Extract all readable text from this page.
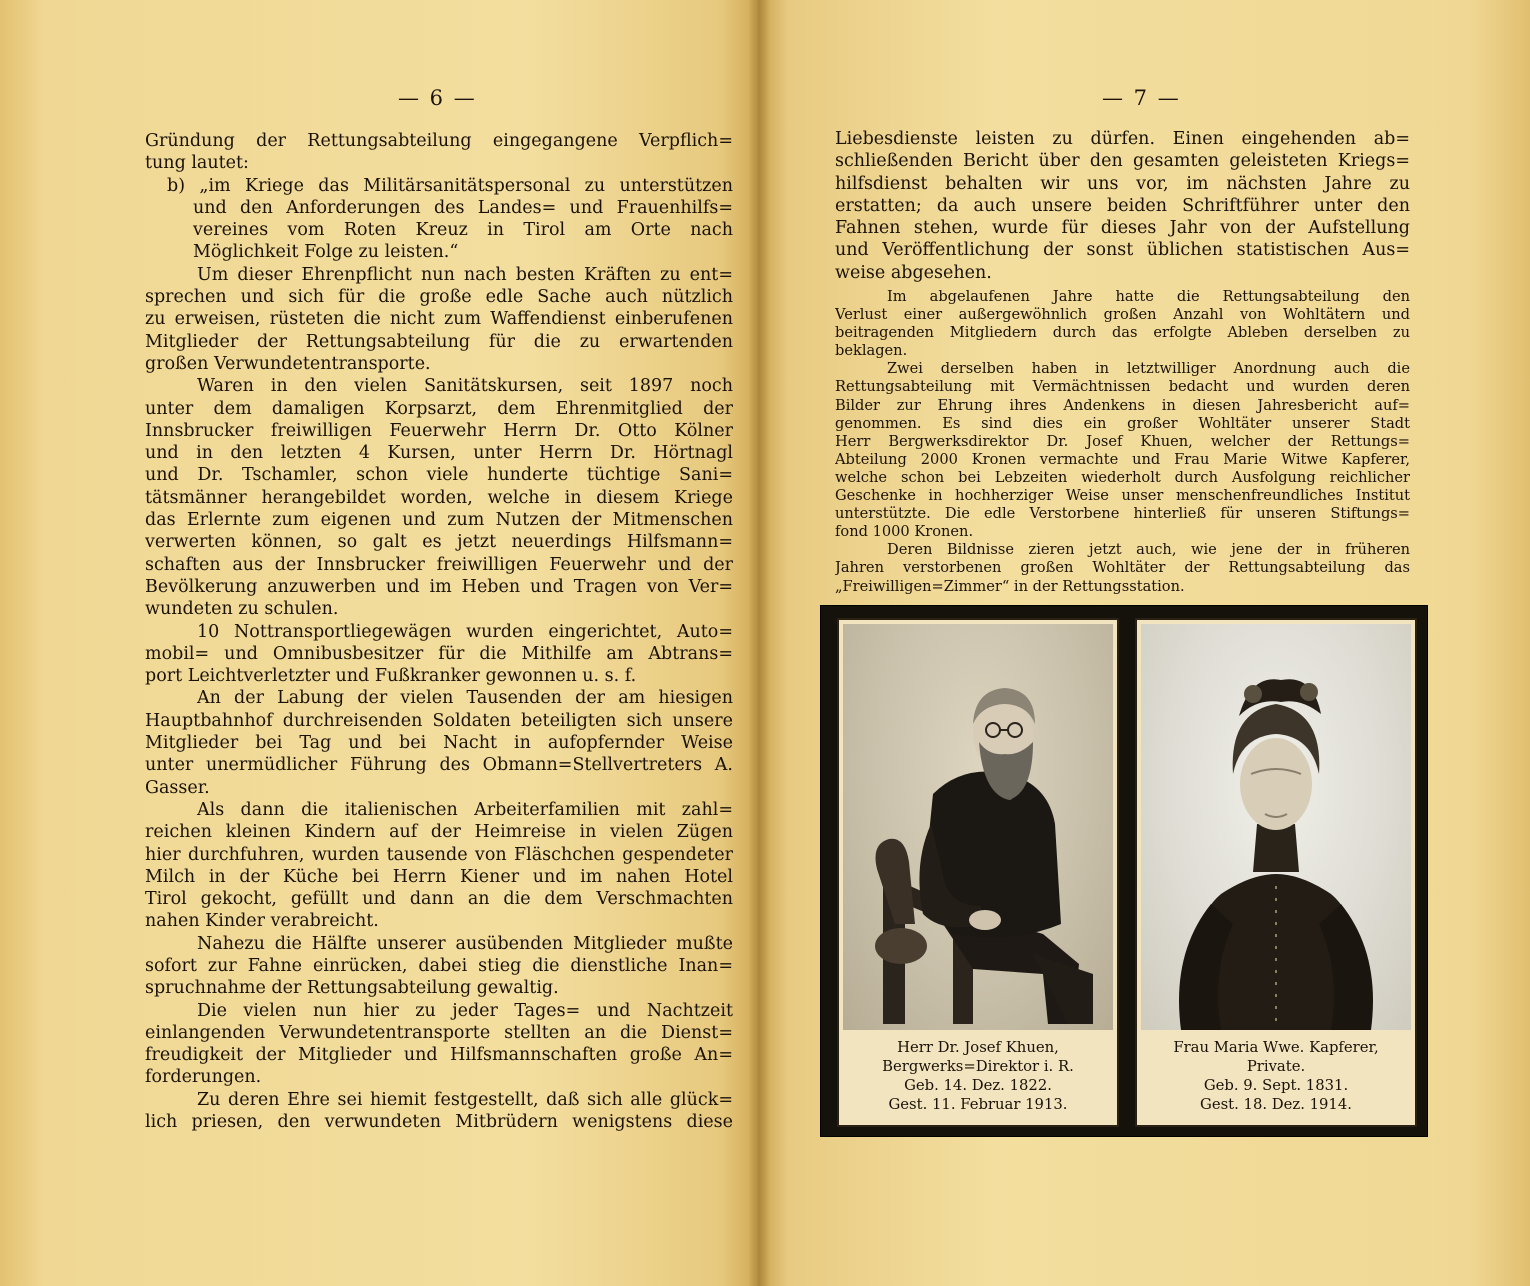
— 6 —	— 7 —
Gründung der Rettungsabteilung eingegangene Verpflich=
tung lautet:
b) „im Kriege das Militärsanitätspersonal zu unterstützen
und den Anforderungen des Landes= und Frauenhilfs=
vereines vom Roten Kreuz in Tirol am Orte nach
Möglichkeit Folge zu leisten.“
Um dieser Ehrenpflicht nun nach besten Kräften zu ent=
sprechen und sich für die große edle Sache auch nützlich
zu erweisen, rüsteten die nicht zum Waffendienst einberufenen
Mitglieder der Rettungsabteilung für die zu erwartenden
großen Verwundetentransporte.
Waren in den vielen Sanitätskursen, seit 1897 noch
unter dem damaligen Korpsarzt, dem Ehrenmitglied der
Innsbrucker freiwilligen Feuerwehr Herrn Dr. Otto Kölner
und in den letzten 4 Kursen, unter Herrn Dr. Hörtnagl
und Dr. Tschamler, schon viele hunderte tüchtige Sani=
tätsmänner herangebildet worden, welche in diesem Kriege
das Erlernte zum eigenen und zum Nutzen der Mitmenschen
verwerten können, so galt es jetzt neuerdings Hilfsmann=
schaften aus der Innsbrucker freiwilligen Feuerwehr und der
Bevölkerung anzuwerben und im Heben und Tragen von Ver=
wundeten zu schulen.
10 Nottransportliegewägen wurden eingerichtet, Auto=
mobil= und Omnibusbesitzer für die Mithilfe am Abtrans=
port Leichtverletzter und Fußkranker gewonnen u. s. f.
An der Labung der vielen Tausenden der am hiesigen
Hauptbahnhof durchreisenden Soldaten beteiligten sich unsere
Mitglieder bei Tag und bei Nacht in aufopfernder Weise
unter unermüdlicher Führung des Obmann=Stellvertreters A.
Gasser.
Als dann die italienischen Arbeiterfamilien mit zahl=
reichen kleinen Kindern auf der Heimreise in vielen Zügen
hier durchfuhren, wurden tausende von Fläschchen gespendeter
Milch in der Küche bei Herrn Kiener und im nahen Hotel
Tirol gekocht, gefüllt und dann an die dem Verschmachten
nahen Kinder verabreicht.
Nahezu die Hälfte unserer ausübenden Mitglieder mußte
sofort zur Fahne einrücken, dabei stieg die dienstliche Inan=
spruchnahme der Rettungsabteilung gewaltig.
Die vielen nun hier zu jeder Tages= und Nachtzeit
einlangenden Verwundetentransporte stellten an die Dienst=
freudigkeit der Mitglieder und Hilfsmannschaften große An=
forderungen.
Zu deren Ehre sei hiemit festgestellt, daß sich alle glück=
lich priesen, den verwundeten Mitbrüdern wenigstens diese
Liebesdienste leisten zu dürfen. Einen eingehenden ab=
schließenden Bericht über den gesamten geleisteten Kriegs=
hilfsdienst behalten wir uns vor, im nächsten Jahre zu
erstatten; da auch unsere beiden Schriftführer unter den
Fahnen stehen, wurde für dieses Jahr von der Aufstellung
und Veröffentlichung der sonst üblichen statistischen Aus=
weise abgesehen.
Im abgelaufenen Jahre hatte die Rettungsabteilung den
Verlust einer außergewöhnlich großen Anzahl von Wohltätern und
beitragenden Mitgliedern durch das erfolgte Ableben derselben zu
beklagen.
Zwei derselben haben in letztwilliger Anordnung auch die
Rettungsabteilung mit Vermächtnissen bedacht und wurden deren
Bilder zur Ehrung ihres Andenkens in diesen Jahresbericht auf=
genommen. Es sind dies ein großer Wohltäter unserer Stadt
Herr Bergwerksdirektor Dr. Josef Khuen, welcher der Rettungs=
Abteilung 2000 Kronen vermachte und Frau Marie Witwe Kapferer,
welche schon bei Lebzeiten wiederholt durch Ausfolgung reichlicher
Geschenke in hochherziger Weise unser menschenfreundliches Institut
unterstützte. Die edle Verstorbene hinterließ für unseren Stiftungs=
fond 1000 Kronen.
Deren Bildnisse zieren jetzt auch, wie jene der in früheren
Jahren verstorbenen großen Wohltäter der Rettungsabteilung das
„Freiwilligen=Zimmer“ in der Rettungsstation.
Herr Dr. Josef Khuen,
Bergwerks=Direktor i. R.
Geb. 14. Dez. 1822.
Gest. 11. Februar 1913.
Frau Maria Wwe. Kapferer,
Private.
Geb. 9. Sept. 1831.
Gest. 18. Dez. 1914.
